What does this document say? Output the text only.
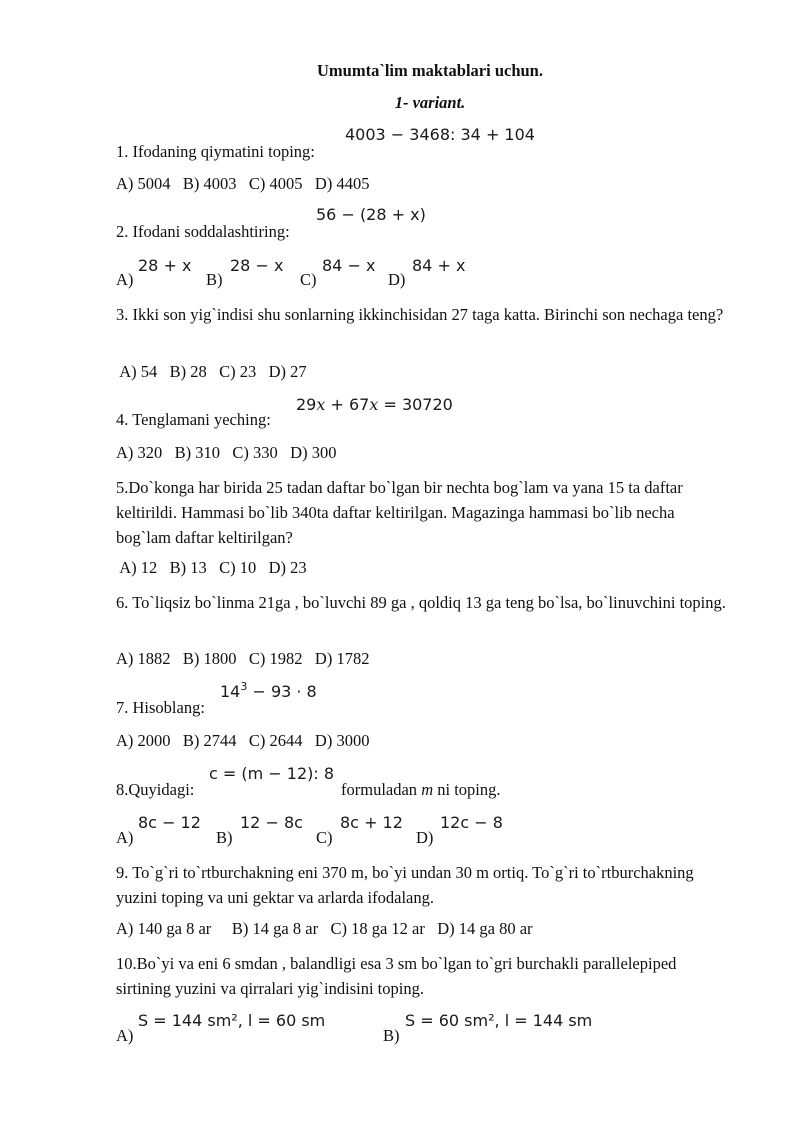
Umumta`lim maktablari uchun.
1- variant.
4003 − 3468: 34 + 104
1. Ifodaning qiymatini toping:
A) 5004   B) 4003   C) 4005   D) 4405
56 − (28 + x)
2. Ifodani soddalashtiring:
A)
28 + x
B)
28 − x
C)
84 − x
D)
84 + x
3. Ikki son yig`indisi shu sonlarning ikkinchisidan 27 taga katta. Birinchi son nechaga teng?
A) 54   B) 28   C) 23   D) 27
29x + 67x = 30720
4. Tenglamani yeching:
A) 320   B) 310   C) 330   D) 300
5.Do`konga har birida 25 tadan daftar bo`lgan bir nechta bog`lam va yana 15 ta daftar keltirildi. Hammasi bo`lib 340ta daftar keltirilgan. Magazinga hammasi bo`lib necha bog`lam daftar keltirilgan?
A) 12   B) 13   C) 10   D) 23
6. To`liqsiz bo`linma 21ga , bo`luvchi 89 ga , qoldiq 13 ga teng bo`lsa, bo`linuvchini toping.
A) 1882   B) 1800   C) 1982   D) 1782
$14^3 - 93 \cdot 8$
7. Hisoblang:
A) 2000   B) 2744   C) 2644   D) 3000
c = (m − 12): 8
8.Quyidagi:	formuladan m ni toping.
A)
8c − 12
B)
12 − 8c
C)
8c + 12
D)
12c − 8
9. To`g`ri to`rtburchakning eni 370 m, bo`yi undan 30 m ortiq. To`g`ri to`rtburchakning yuzini toping va uni gektar va arlarda ifodalang.
A) 140 ga 8 ar     B) 14 ga 8 ar   C) 18 ga 12 ar   D) 14 ga 80 ar
10.Bo`yi va eni 6 smdan , balandligi esa 3 sm bo`lgan to`gri burchakli parallelepiped sirtining yuzini va qirralari yig`indisini toping.
A)
S = 144 sm², l = 60 sm
B)
S = 60 sm², l = 144 sm
